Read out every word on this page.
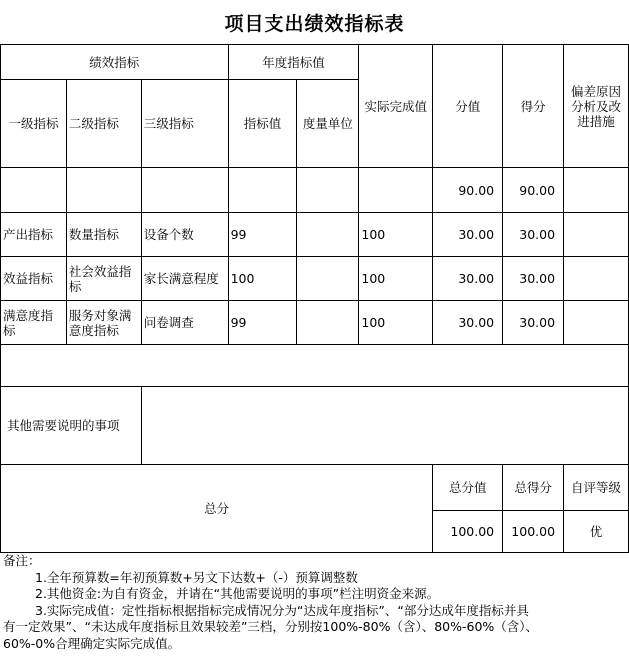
项目支出绩效指标表
绩效指标			年度指标值		实际完成值	分值	得分	偏差原因分析及改进措施
一级指标	二级指标	三级指标	指标值	度量单位				
						90.00	90.00	
产出指标	数量指标	设备个数	99		100	30.00	30.00	
效益指标	社会效益指标	家长满意程度	100		100	30.00	30.00	
满意度指标	服务对象满意度指标	问卷调查	99		100	30.00	30.00	

其他需要说明的事项								
总分						总分值	总得分	自评等级
						100.00	100.00	优
备注：
1.全年预算数=年初预算数+另文下达数+（-）预算调整数
2.其他资金:为自有资金，并请在“其他需要说明的事项”栏注明资金来源。
3.实际完成值：定性指标根据指标完成情况分为“达成年度指标”、“部分达成年度指标并具
有一定效果”、“未达成年度指标且效果较差”三档，分别按100%-80%（含）、80%-60%（含）、
60%-0%合理确定实际完成值。
